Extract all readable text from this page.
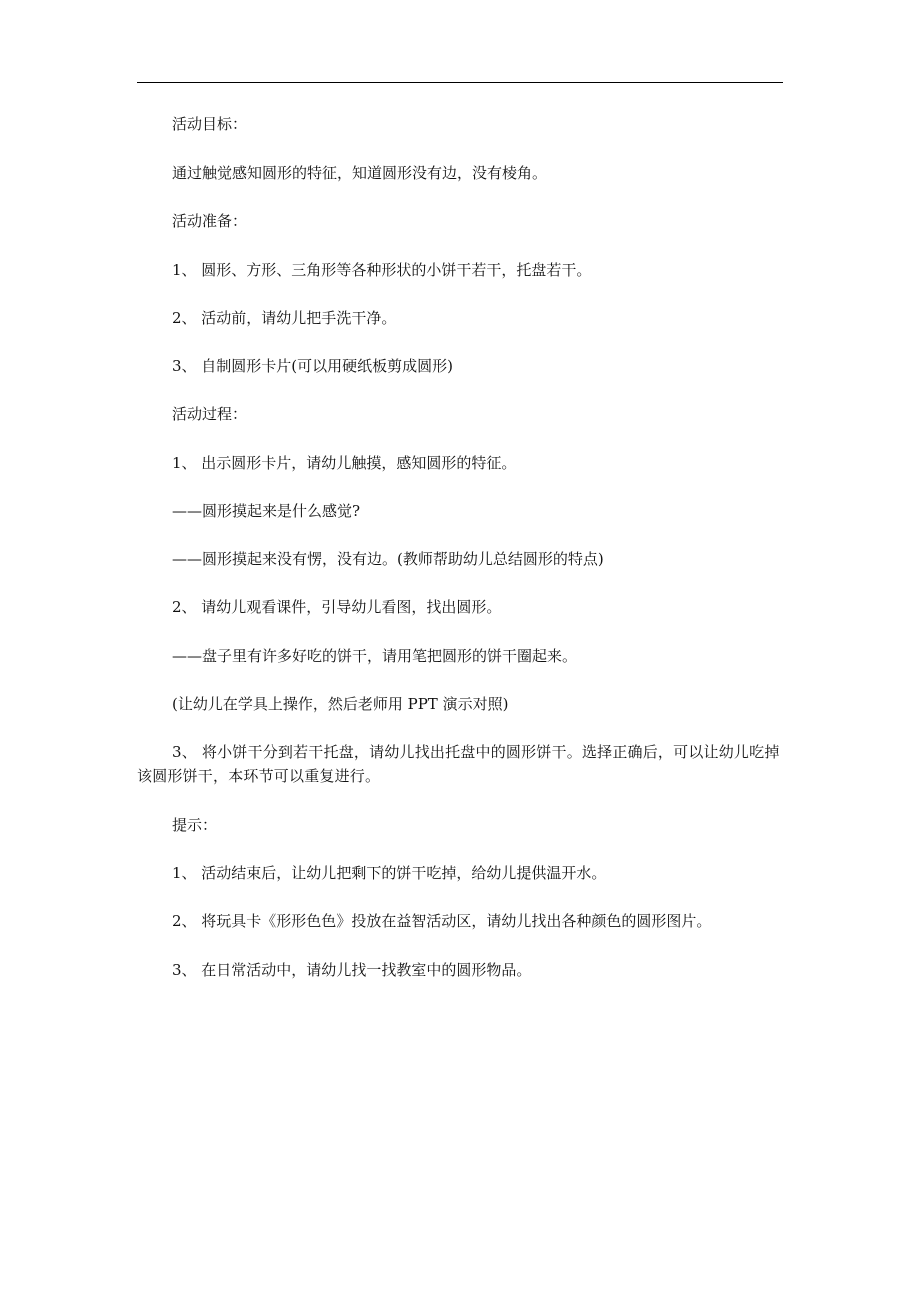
活动目标：
通过触觉感知圆形的特征，知道圆形没有边，没有棱角。
活动准备：
1、 圆形、方形、三角形等各种形状的小饼干若干，托盘若干。
2、 活动前，请幼儿把手洗干净。
3、 自制圆形卡片(可以用硬纸板剪成圆形)
活动过程：
1、 出示圆形卡片，请幼儿触摸，感知圆形的特征。
——圆形摸起来是什么感觉?
——圆形摸起来没有愣，没有边。(教师帮助幼儿总结圆形的特点)
2、 请幼儿观看课件，引导幼儿看图，找出圆形。
——盘子里有许多好吃的饼干，请用笔把圆形的饼干圈起来。
(让幼儿在学具上操作，然后老师用 PPT 演示对照)
3、 将小饼干分到若干托盘，请幼儿找出托盘中的圆形饼干。选择正确后，可以让幼儿吃掉该圆形饼干，本环节可以重复进行。
提示：
1、 活动结束后，让幼儿把剩下的饼干吃掉，给幼儿提供温开水。
2、 将玩具卡《形形色色》投放在益智活动区，请幼儿找出各种颜色的圆形图片。
3、 在日常活动中，请幼儿找一找教室中的圆形物品。
